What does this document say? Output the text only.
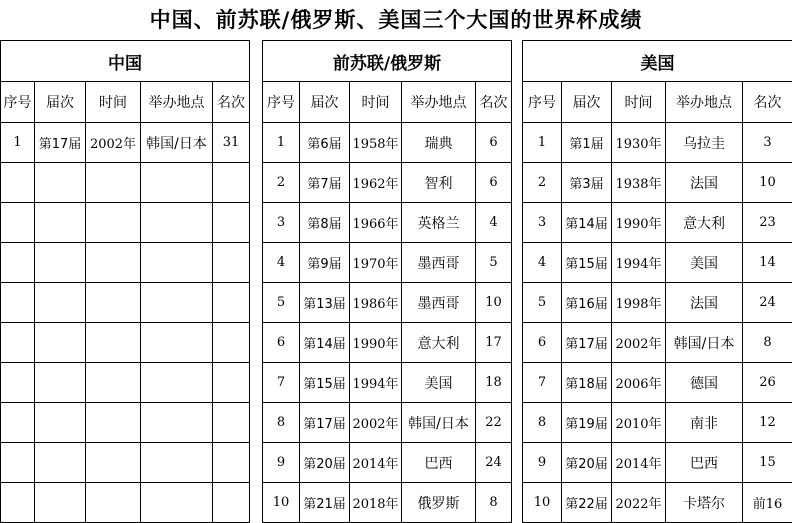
中国、前苏联/俄罗斯、美国三个大国的世界杯成绩
中国				
序号	届次	时间	举办地点	名次
1	第17届	2002年	韩国/日本	31

前苏联/俄罗斯				
序号	届次	时间	举办地点	名次
1	第6届	1958年	瑞典	6
2	第7届	1962年	智利	6
3	第8届	1966年	英格兰	4
4	第9届	1970年	墨西哥	5
5	第13届	1986年	墨西哥	10
6	第14届	1990年	意大利	17
7	第15届	1994年	美国	18
8	第17届	2002年	韩国/日本	22
9	第20届	2014年	巴西	24
10	第21届	2018年	俄罗斯	8
美国				
序号	届次	时间	举办地点	名次
1	第1届	1930年	乌拉圭	3
2	第3届	1938年	法国	10
3	第14届	1990年	意大利	23
4	第15届	1994年	美国	14
5	第16届	1998年	法国	24
6	第17届	2002年	韩国/日本	8
7	第18届	2006年	德国	26
8	第19届	2010年	南非	12
9	第20届	2014年	巴西	15
10	第22届	2022年	卡塔尔	前16
